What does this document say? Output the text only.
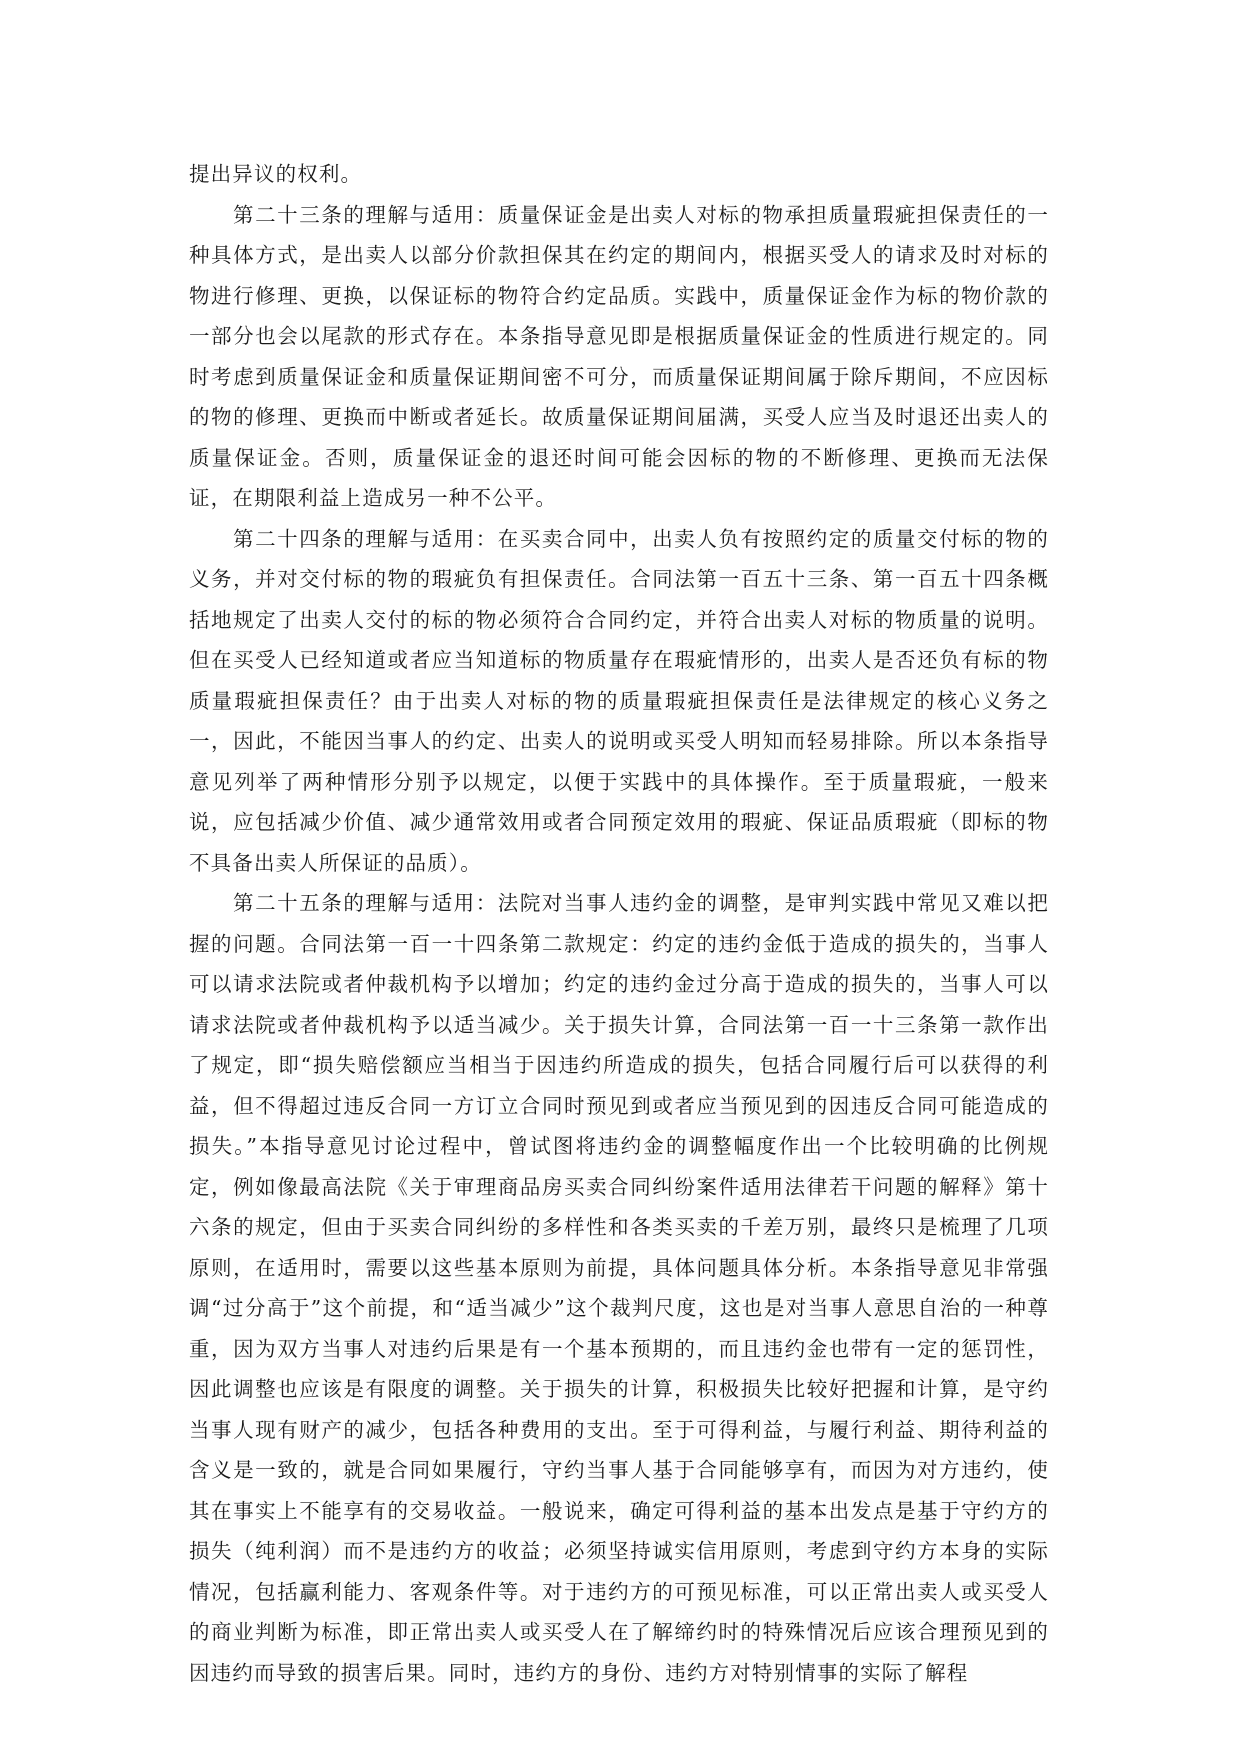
提出异议的权利。

第二十三条的理解与适用：质量保证金是出卖人对标的物承担质量瑕疵担保责任的一种具体方式，是出卖人以部分价款担保其在约定的期间内，根据买受人的请求及时对标的物进行修理、更换，以保证标的物符合约定品质。实践中，质量保证金作为标的物价款的一部分也会以尾款的形式存在。本条指导意见即是根据质量保证金的性质进行规定的。同时考虑到质量保证金和质量保证期间密不可分，而质量保证期间属于除斥期间，不应因标的物的修理、更换而中断或者延长。故质量保证期间届满，买受人应当及时退还出卖人的质量保证金。否则，质量保证金的退还时间可能会因标的物的不断修理、更换而无法保证，在期限利益上造成另一种不公平。

第二十四条的理解与适用：在买卖合同中，出卖人负有按照约定的质量交付标的物的义务，并对交付标的物的瑕疵负有担保责任。合同法第一百五十三条、第一百五十四条概括地规定了出卖人交付的标的物必须符合合同约定，并符合出卖人对标的物质量的说明。但在买受人已经知道或者应当知道标的物质量存在瑕疵情形的，出卖人是否还负有标的物质量瑕疵担保责任？由于出卖人对标的物的质量瑕疵担保责任是法律规定的核心义务之一，因此，不能因当事人的约定、出卖人的说明或买受人明知而轻易排除。所以本条指导意见列举了两种情形分别予以规定，以便于实践中的具体操作。至于质量瑕疵，一般来说，应包括减少价值、减少通常效用或者合同预定效用的瑕疵、保证品质瑕疵（即标的物不具备出卖人所保证的品质）。

第二十五条的理解与适用：法院对当事人违约金的调整，是审判实践中常见又难以把握的问题。合同法第一百一十四条第二款规定：约定的违约金低于造成的损失的，当事人可以请求法院或者仲裁机构予以增加；约定的违约金过分高于造成的损失的，当事人可以请求法院或者仲裁机构予以适当减少。关于损失计算，合同法第一百一十三条第一款作出了规定，即“损失赔偿额应当相当于因违约所造成的损失，包括合同履行后可以获得的利益，但不得超过违反合同一方订立合同时预见到或者应当预见到的因违反合同可能造成的损失。”本指导意见讨论过程中，曾试图将违约金的调整幅度作出一个比较明确的比例规定，例如像最高法院《关于审理商品房买卖合同纠纷案件适用法律若干问题的解释》第十六条的规定，但由于买卖合同纠纷的多样性和各类买卖的千差万别，最终只是梳理了几项原则，在适用时，需要以这些基本原则为前提，具体问题具体分析。本条指导意见非常强调“过分高于”这个前提，和“适当减少”这个裁判尺度，这也是对当事人意思自治的一种尊重，因为双方当事人对违约后果是有一个基本预期的，而且违约金也带有一定的惩罚性，因此调整也应该是有限度的调整。关于损失的计算，积极损失比较好把握和计算，是守约当事人现有财产的减少，包括各种费用的支出。至于可得利益，与履行利益、期待利益的含义是一致的，就是合同如果履行，守约当事人基于合同能够享有，而因为对方违约，使其在事实上不能享有的交易收益。一般说来，确定可得利益的基本出发点是基于守约方的损失（纯利润）而不是违约方的收益；必须坚持诚实信用原则，考虑到守约方本身的实际情况，包括赢利能力、客观条件等。对于违约方的可预见标准，可以正常出卖人或买受人的商业判断为标准，即正常出卖人或买受人在了解缔约时的特殊情况后应该合理预见到的因违约而导致的损害后果。同时，违约方的身份、违约方对特别情事的实际了解程
